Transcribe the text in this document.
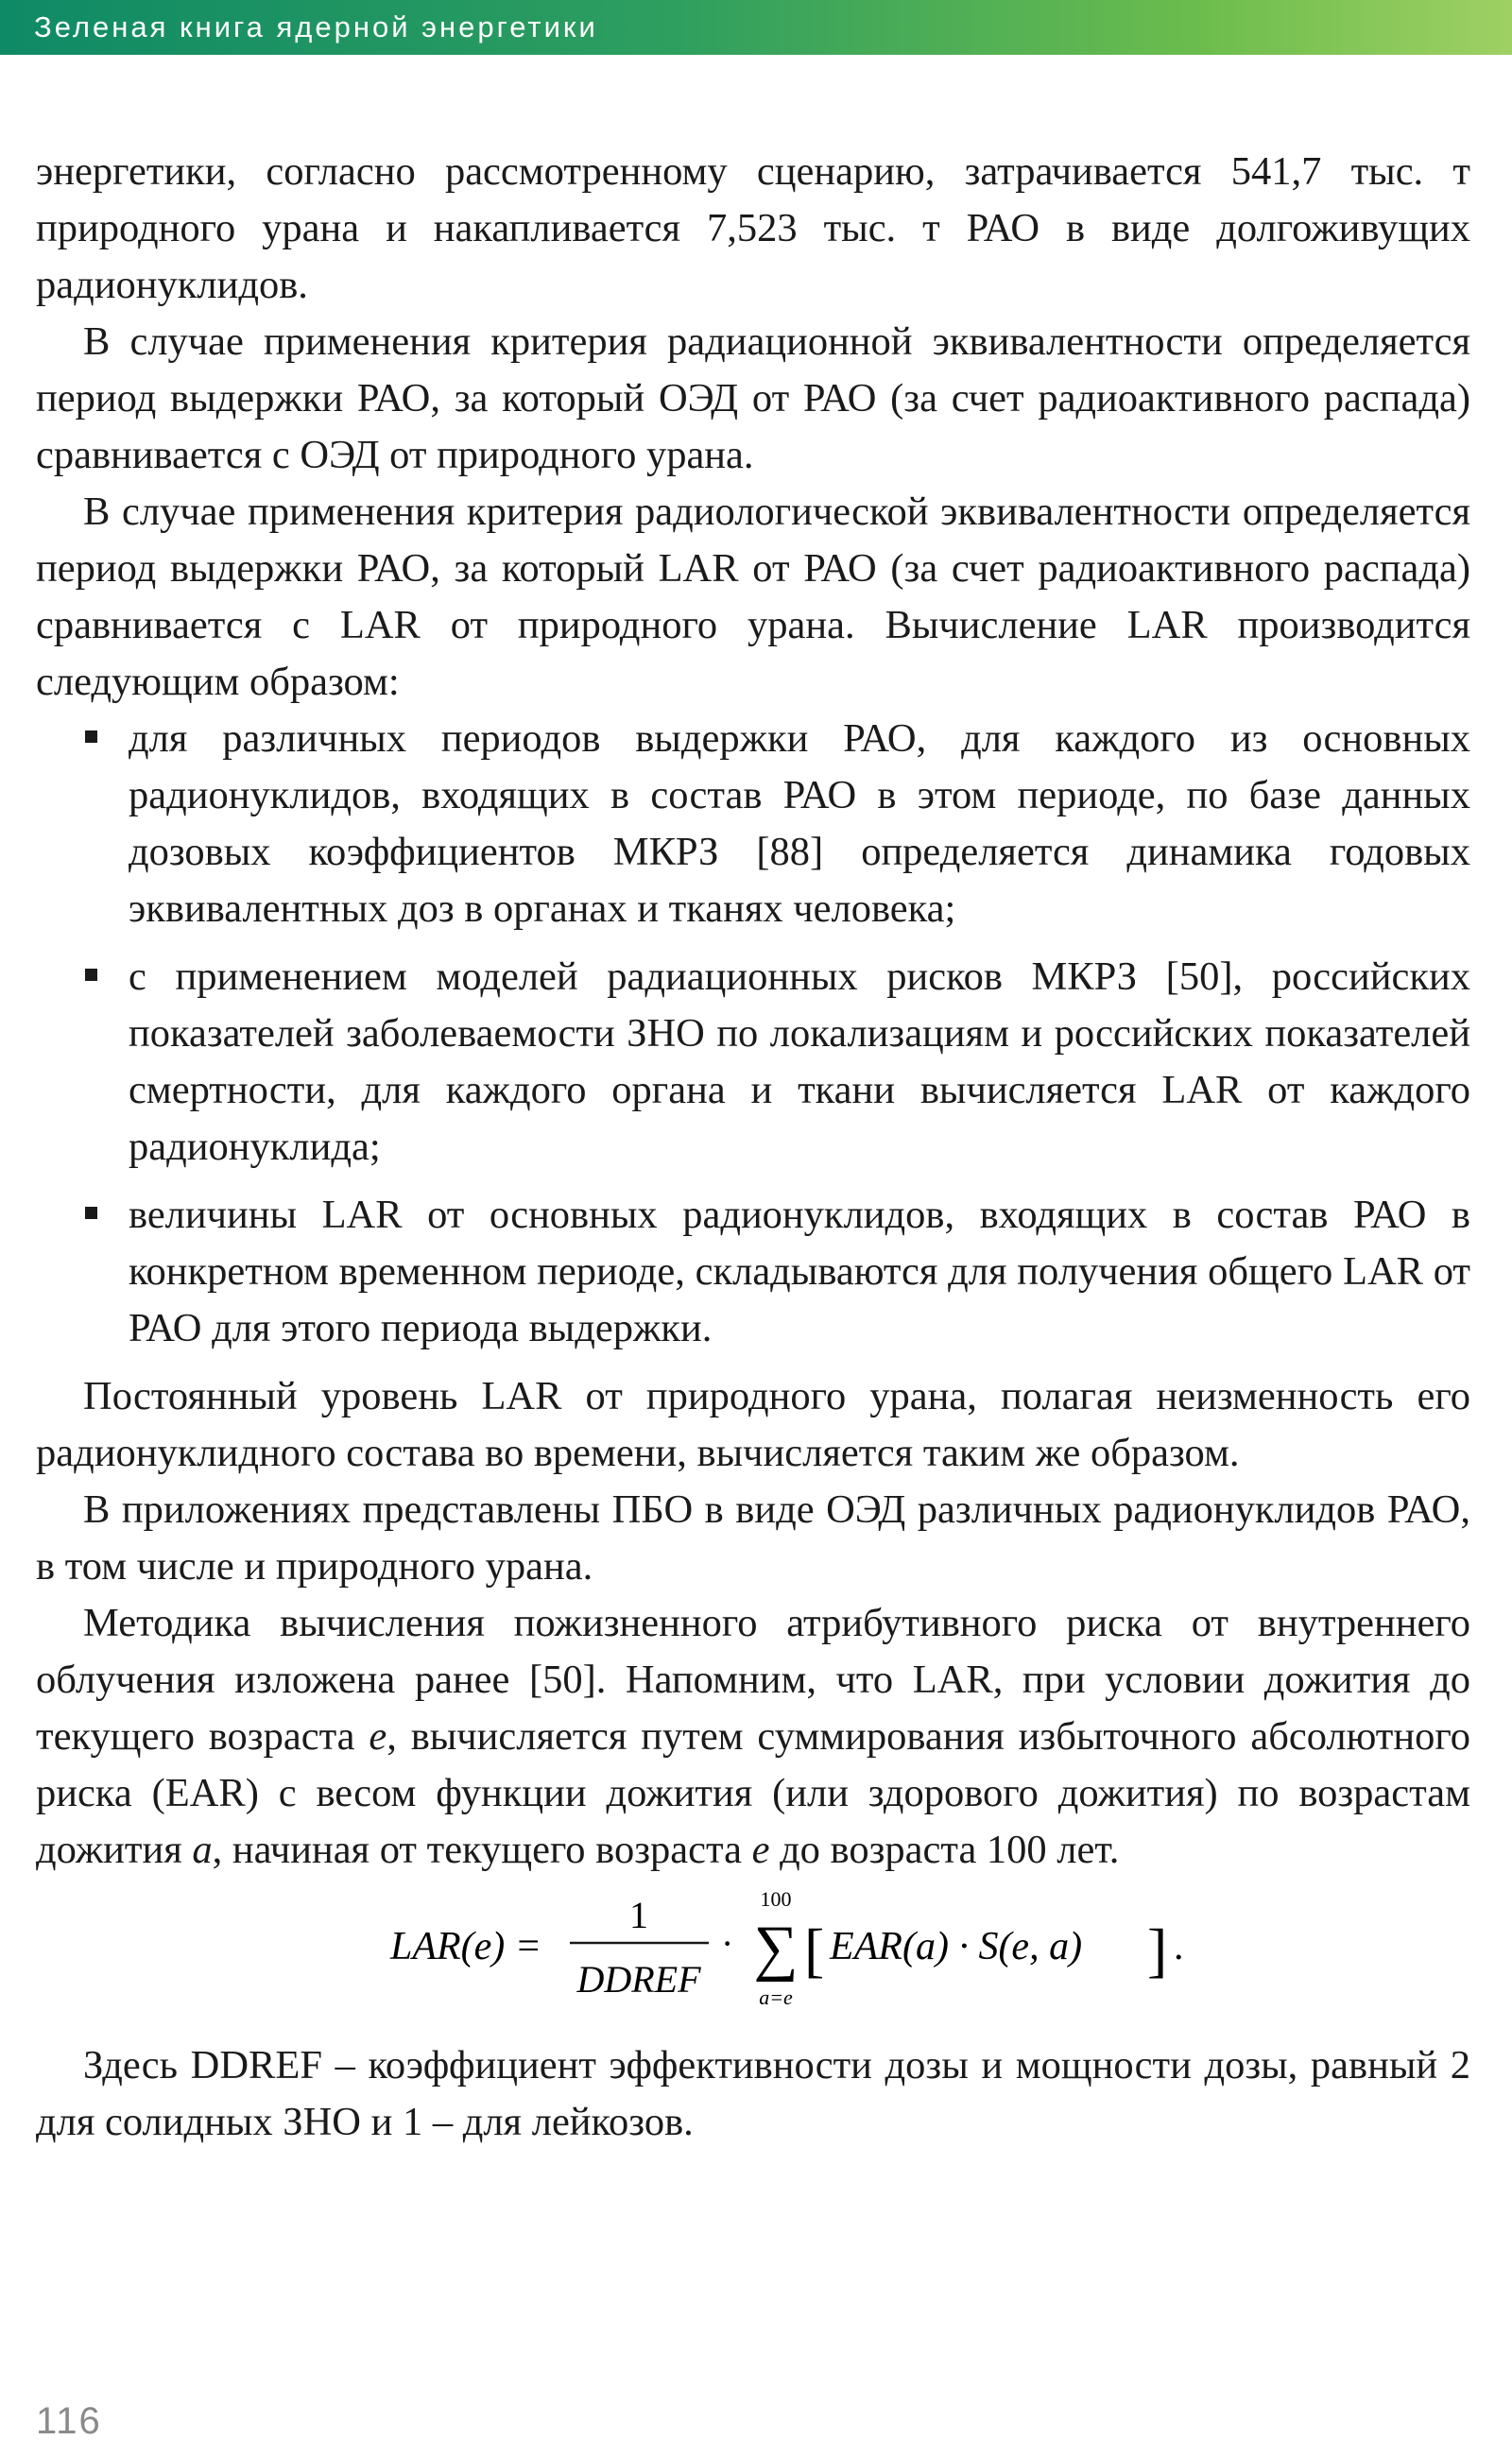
Зеленая книга ядерной энергетики

энергетики, согласно рассмотренному сценарию, затрачивается 541,7 тыс. т природного урана и накапливается 7,523 тыс. т РАО в виде долгоживущих радионуклидов.

В случае применения критерия радиационной эквивалентности определяется период выдержки РАО, за который ОЭД от РАО (за счет радиоактивного распада) сравнивается с ОЭД от природного урана.

В случае применения критерия радиологической эквивалентности определяется период выдержки РАО, за который LAR от РАО (за счет радиоактивного распада) сравнивается с LAR от природного урана. Вычисление LAR производится следующим образом:

для различных периодов выдержки РАО, для каждого из основных радионуклидов, входящих в состав РАО в этом периоде, по базе данных дозовых коэффициентов МКРЗ [88] определяется динамика годовых эквивалентных доз в органах и тканях человека;
с применением моделей радиационных рисков МКРЗ [50], российских показателей заболеваемости ЗНО по локализациям и российских показателей смертности, для каждого органа и ткани вычисляется LAR от каждого радионуклида;
величины LAR от основных радионуклидов, входящих в состав РАО в конкретном временном периоде, складываются для получения общего LAR от РАО для этого периода выдержки.

Постоянный уровень LAR от природного урана, полагая неизменность его радионуклидного состава во времени, вычисляется таким же образом.

В приложениях представлены ПБО в виде ОЭД различных радионуклидов РАО, в том числе и природного урана.

Методика вычисления пожизненного атрибутивного риска от внутреннего облучения изложена ранее [50]. Напомним, что LAR, при условии дожития до текущего возраста e, вычисляется путем суммирования избыточного абсолютного риска (EAR) с весом функции дожития (или здорового дожития) по возрастам дожития a, начиная от текущего возраста e до возраста 100 лет.

LAR(e) =
1
DDREF
·
100
∑
a=e
[ EAR(a) · S(e, a) ] .

Здесь DDREF – коэффициент эффективности дозы и мощности дозы, равный 2 для солидных ЗНО и 1 – для лейкозов.

116
